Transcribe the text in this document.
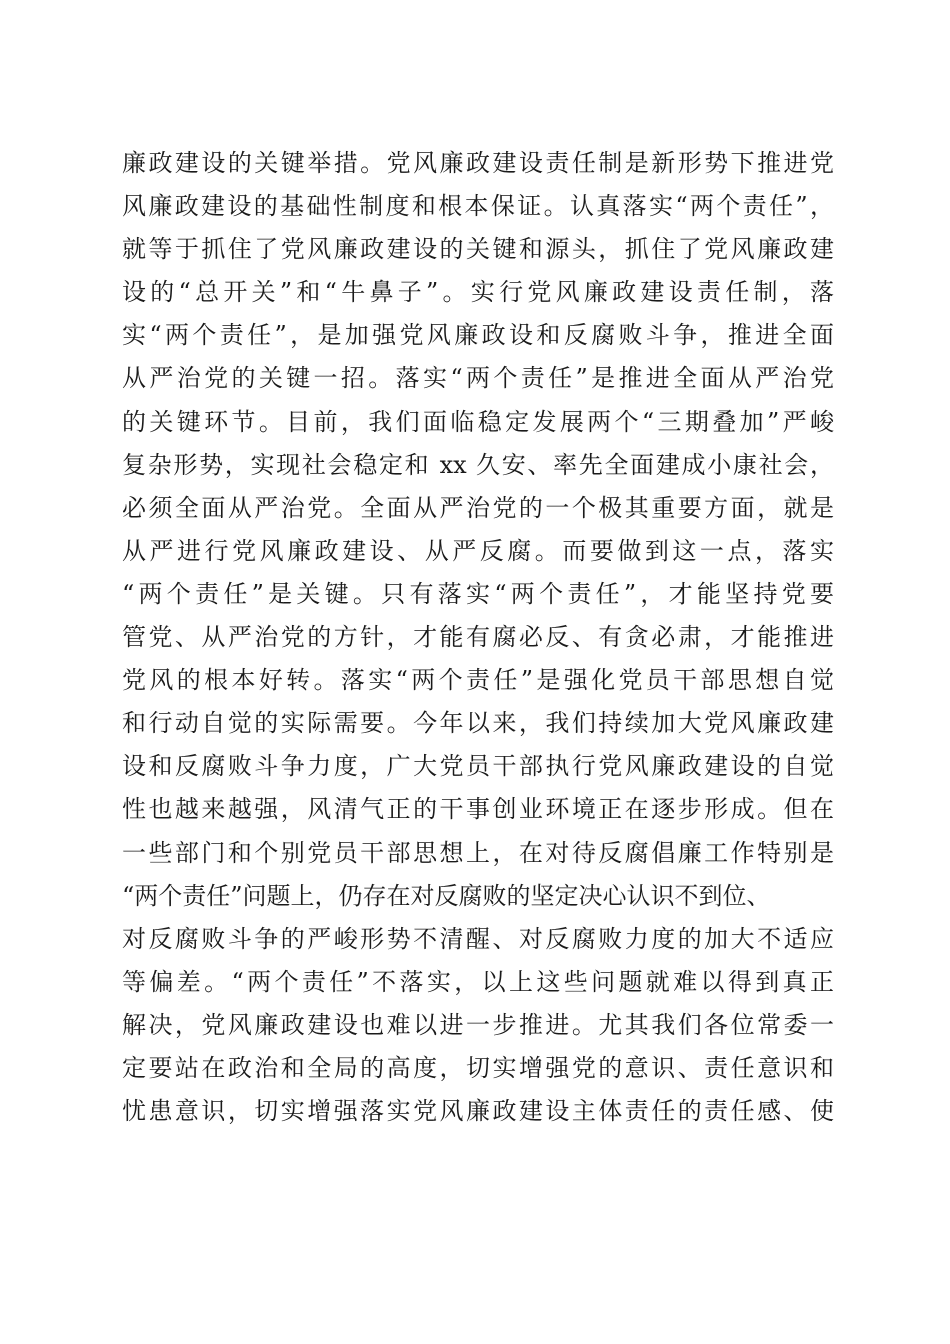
廉政建设的关键举措。党风廉政建设责任制是新形势下推进党
风廉政建设的基础性制度和根本保证。认真落实“两个责任”，
就等于抓住了党风廉政建设的关键和源头，抓住了党风廉政建
设的“总开关”和“牛鼻子”。实行党风廉政建设责任制，落
实“两个责任”，是加强党风廉政设和反腐败斗争，推进全面
从严治党的关键一招。落实“两个责任”是推进全面从严治党
的关键环节。目前，我们面临稳定发展两个“三期叠加”严峻
复杂形势，实现社会稳定和 xx 久安、率先全面建成小康社会，
必须全面从严治党。全面从严治党的一个极其重要方面，就是
从严进行党风廉政建设、从严反腐。而要做到这一点，落实
“两个责任”是关键。只有落实“两个责任”，才能坚持党要
管党、从严治党的方针，才能有腐必反、有贪必肃，才能推进
党风的根本好转。落实“两个责任”是强化党员干部思想自觉
和行动自觉的实际需要。今年以来，我们持续加大党风廉政建
设和反腐败斗争力度，广大党员干部执行党风廉政建设的自觉
性也越来越强，风清气正的干事创业环境正在逐步形成。但在
一些部门和个别党员干部思想上，在对待反腐倡廉工作特别是
“两个责任”问题上，仍存在对反腐败的坚定决心认识不到位、
对反腐败斗争的严峻形势不清醒、对反腐败力度的加大不适应
等偏差。“两个责任”不落实，以上这些问题就难以得到真正
解决，党风廉政建设也难以进一步推进。尤其我们各位常委一
定要站在政治和全局的高度，切实增强党的意识、责任意识和
忧患意识，切实增强落实党风廉政建设主体责任的责任感、使
